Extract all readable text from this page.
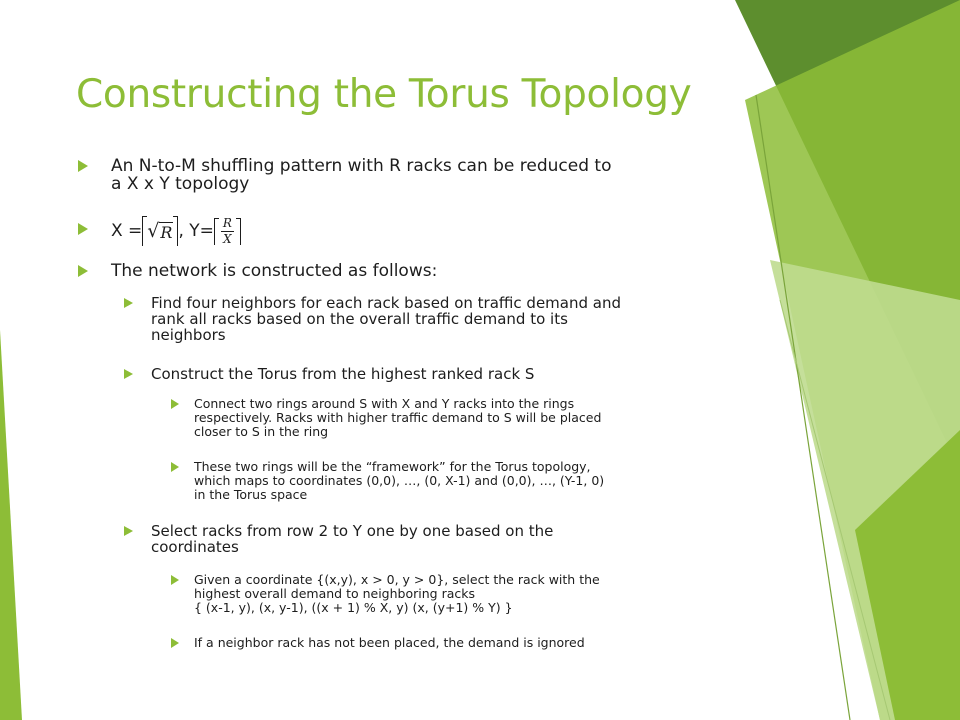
Constructing the Torus Topology
An N-to-M shuffling pattern with R racks can be reduced to
a X x Y topology
X = √ R , $Y= \frac{R}{X}$
The network is constructed as follows:
Find four neighbors for each rack based on traffic demand and
rank all racks based on the overall traffic demand to its
neighbors
Construct the Torus from the highest ranked rack S
Connect two rings around S with X and Y racks into the rings
respectively. Racks with higher traffic demand to S will be placed
closer to S in the ring
These two rings will be the “framework” for the Torus topology,
which maps to coordinates (0,0), …, (0, X-1) and (0,0), …, (Y-1, 0)
in the Torus space
Select racks from row 2 to Y one by one based on the
coordinates
Given a coordinate {(x,y), x > 0, y > 0}, select the rack with the
highest overall demand to neighboring racks
{ (x-1, y), (x, y-1), ((x + 1) % X, y) (x, (y+1) % Y) }
If a neighbor rack has not been placed, the demand is ignored
